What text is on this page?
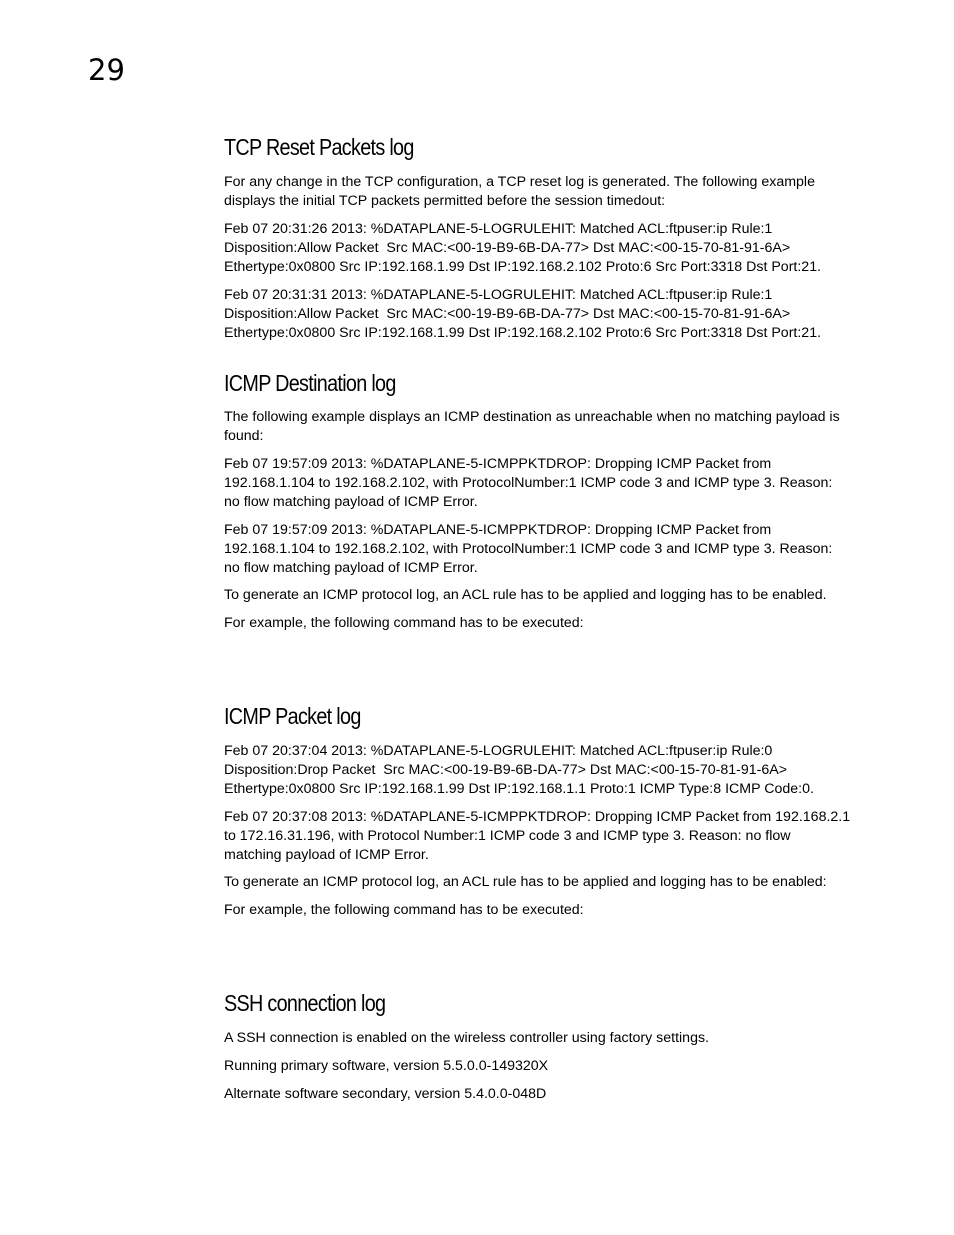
29
TCP Reset Packets log

For any change in the TCP configuration, a TCP reset log is generated. The following example
displays the initial TCP packets permitted before the session timedout:

Feb 07 20:31:26 2013: %DATAPLANE-5-LOGRULEHIT: Matched ACL:ftpuser:ip Rule:1
Disposition:Allow Packet  Src MAC:<00-19-B9-6B-DA-77> Dst MAC:<00-15-70-81-91-6A>
Ethertype:0x0800 Src IP:192.168.1.99 Dst IP:192.168.2.102 Proto:6 Src Port:3318 Dst Port:21.

Feb 07 20:31:31 2013: %DATAPLANE-5-LOGRULEHIT: Matched ACL:ftpuser:ip Rule:1
Disposition:Allow Packet  Src MAC:<00-19-B9-6B-DA-77> Dst MAC:<00-15-70-81-91-6A>
Ethertype:0x0800 Src IP:192.168.1.99 Dst IP:192.168.2.102 Proto:6 Src Port:3318 Dst Port:21.

ICMP Destination log

The following example displays an ICMP destination as unreachable when no matching payload is
found:

Feb 07 19:57:09 2013: %DATAPLANE-5-ICMPPKTDROP: Dropping ICMP Packet from
192.168.1.104 to 192.168.2.102, with ProtocolNumber:1 ICMP code 3 and ICMP type 3. Reason:
no flow matching payload of ICMP Error.

Feb 07 19:57:09 2013: %DATAPLANE-5-ICMPPKTDROP: Dropping ICMP Packet from
192.168.1.104 to 192.168.2.102, with ProtocolNumber:1 ICMP code 3 and ICMP type 3. Reason:
no flow matching payload of ICMP Error.

To generate an ICMP protocol log, an ACL rule has to be applied and logging has to be enabled.

For example, the following command has to be executed:

ICMP Packet log

Feb 07 20:37:04 2013: %DATAPLANE-5-LOGRULEHIT: Matched ACL:ftpuser:ip Rule:0
Disposition:Drop Packet  Src MAC:<00-19-B9-6B-DA-77> Dst MAC:<00-15-70-81-91-6A>
Ethertype:0x0800 Src IP:192.168.1.99 Dst IP:192.168.1.1 Proto:1 ICMP Type:8 ICMP Code:0.

Feb 07 20:37:08 2013: %DATAPLANE-5-ICMPPKTDROP: Dropping ICMP Packet from 192.168.2.1
to 172.16.31.196, with Protocol Number:1 ICMP code 3 and ICMP type 3. Reason: no flow
matching payload of ICMP Error.

To generate an ICMP protocol log, an ACL rule has to be applied and logging has to be enabled:

For example, the following command has to be executed:

SSH connection log

A SSH connection is enabled on the wireless controller using factory settings.

Running primary software, version 5.5.0.0-149320X

Alternate software secondary, version 5.4.0.0-048D
